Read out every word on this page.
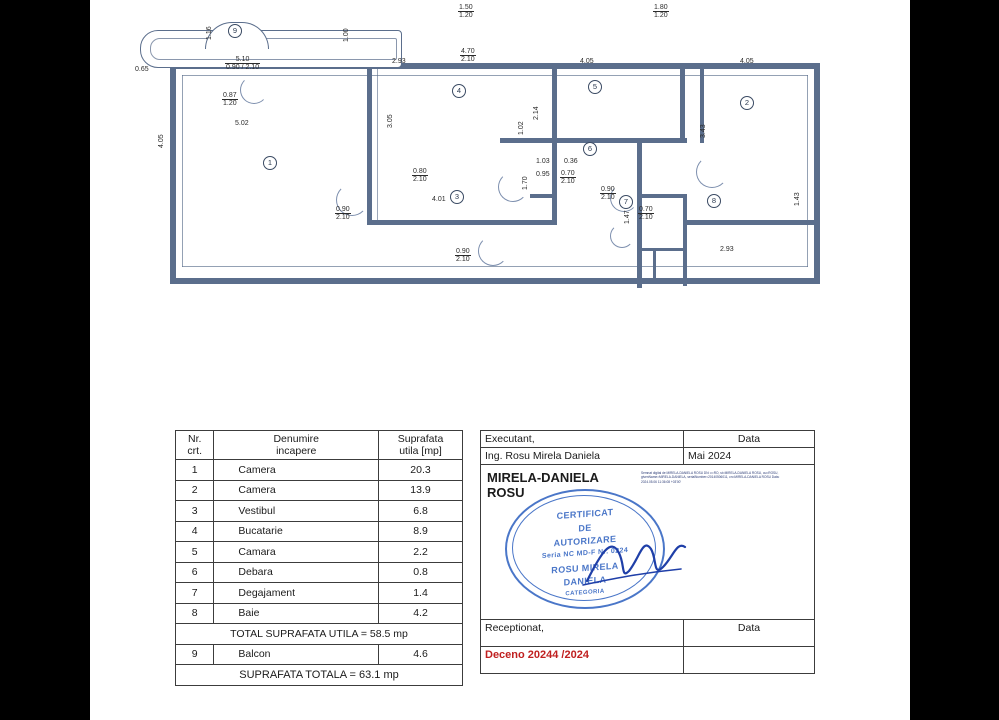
1
2
3
4	5
6
7	8
9
1.50
1.20
1.80
1.20
0.65
5.10
0.90 / 2.10
0.87
1.20
5.02
4.05
2.93
4.70
2.10	4.05
3.05
2.14
1.02	3.43
4.05
0.80
2.10
1.03 0.36
0.95 0.70
2.10
0.90
2.10
4.01
1.70
0.90
2.10
0.70
2.10
1.47
1.43
2.93
0.90
2.10
1.16	1.00
Nr.
crt.	Denumire
incapere	Suprafata
utila [mp]
1	Camera	20.3
2	Camera	13.9
3	Vestibul	6.8
4	Bucatarie	8.9
5	Camara	2.2
6	Debara	0.8
7	Degajament	1.4
8	Baie	4.2
TOTAL SUPRAFATA UTILA = 58.5 mp		
9	Balcon	4.6
SUPRAFATA TOTALA = 63.1 mp		
Executant,	Data
Ing. Rosu Mirela Daniela	Mai 2024

MIRELA-DANIELA
ROSU
Semnat digital de MIRELA-DANIELA ROSU DN: c=RO, st=MIRELA-DANIELA ROSU, ou=ROSU, givenName=MIRELA-DANIELA, serialNumber=20140506011, cn=MIRELA-DANIELA ROSU Data: 2024.05.06 11:36:08 +03'00'
CERTIFICAT
DE
AUTORIZARE
Seria NC MD-F Nr. 0224
ROSU MIRELA
DANIELA
CATEGORIA

Receptionat,	Data
Deceno 20244 /2024	
